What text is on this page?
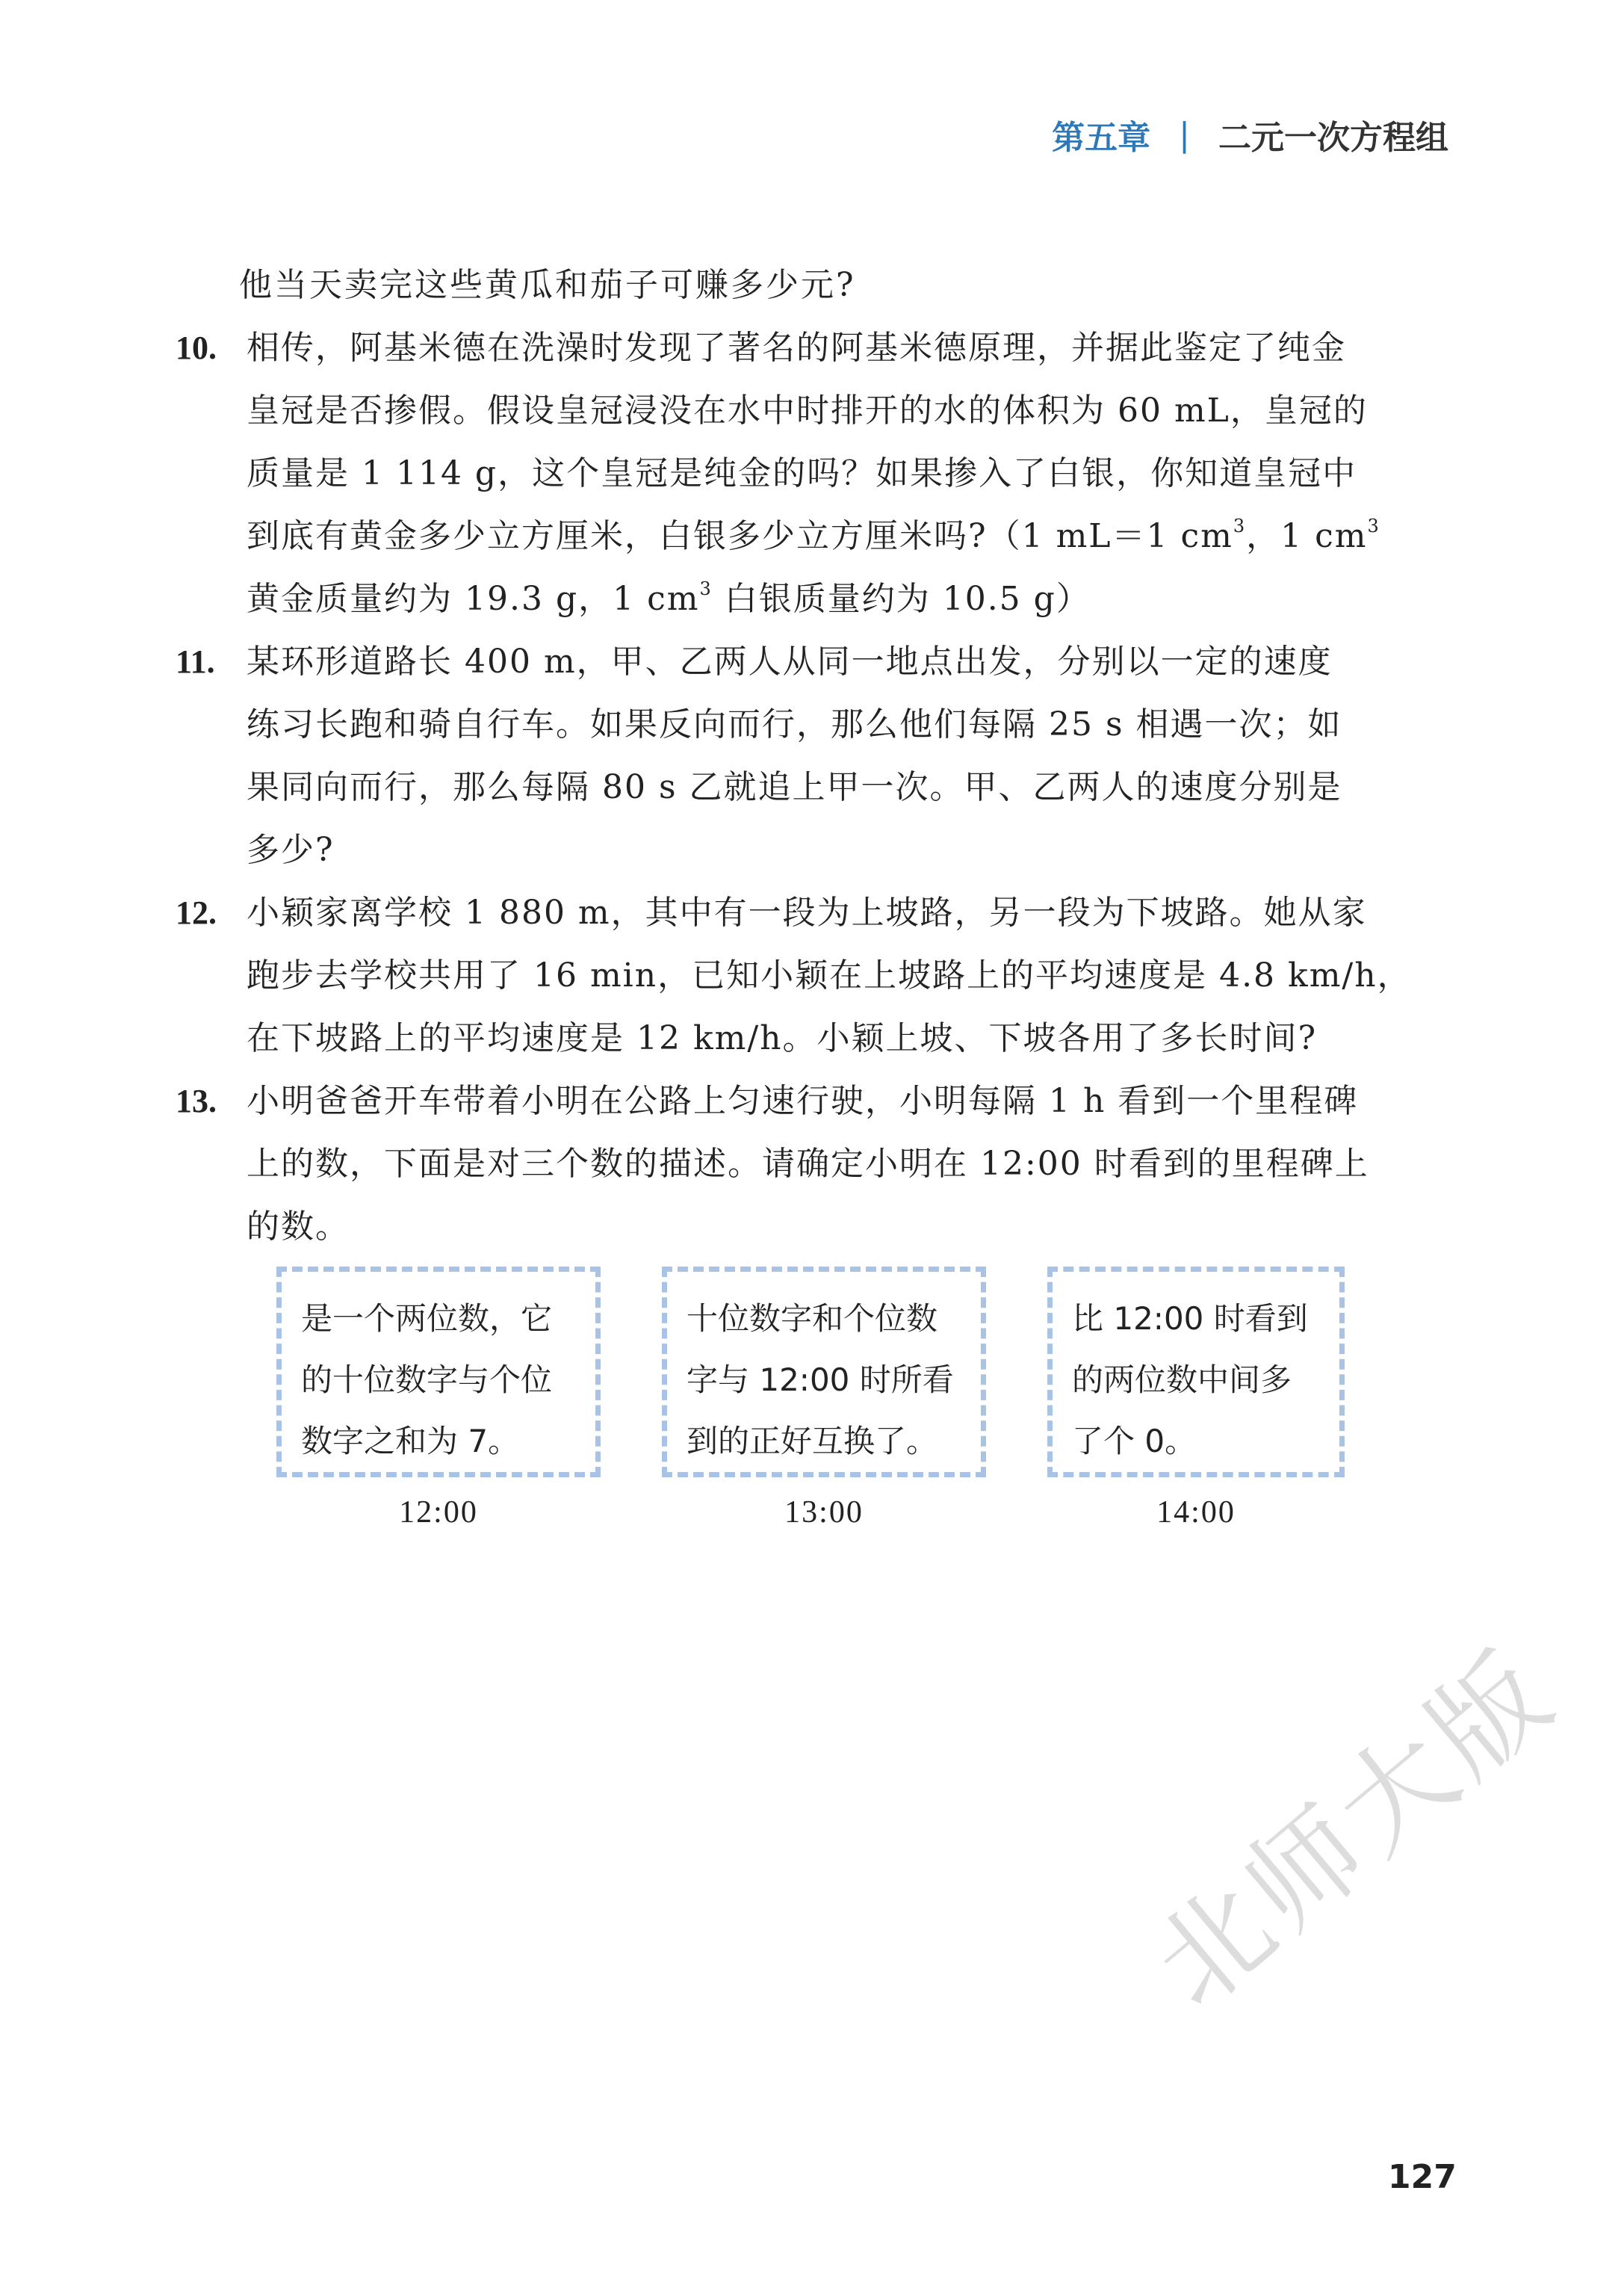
第五章 | 二元一次方程组
他当天卖完这些黄瓜和茄子可赚多少元?
10. 相传，阿基米德在洗澡时发现了著名的阿基米德原理，并据此鉴定了纯金
皇冠是否掺假。假设皇冠浸没在水中时排开的水的体积为 60 mL，皇冠的
质量是 1 114 g，这个皇冠是纯金的吗？如果掺入了白银，你知道皇冠中
到底有黄金多少立方厘米，白银多少立方厘米吗?（1 mL＝1 $cm^3$，1 $cm^3$
黄金质量约为 19.3 g，1 $cm^3$ 白银质量约为 10.5 g）
11. 某环形道路长 400 m，甲、乙两人从同一地点出发，分别以一定的速度
练习长跑和骑自行车。如果反向而行，那么他们每隔 25 s 相遇一次；如
果同向而行，那么每隔 80 s 乙就追上甲一次。甲、乙两人的速度分别是
多少?
12. 小颖家离学校 1 880 m，其中有一段为上坡路，另一段为下坡路。她从家
跑步去学校共用了 16 min，已知小颖在上坡路上的平均速度是 4.8 km/h，
在下坡路上的平均速度是 12 km/h。小颖上坡、下坡各用了多长时间?
13. 小明爸爸开车带着小明在公路上匀速行驶，小明每隔 1 h 看到一个里程碑
上的数，下面是对三个数的描述。请确定小明在 12:00 时看到的里程碑上
的数。
是一个两位数，它
的十位数字与个位
数字之和为 7。
12:00
十位数字和个位数
字与 12:00 时所看
到的正好互换了。
13:00
比 12:00 时看到
的两位数中间多
了个 0。
14:00
北师大版
127
